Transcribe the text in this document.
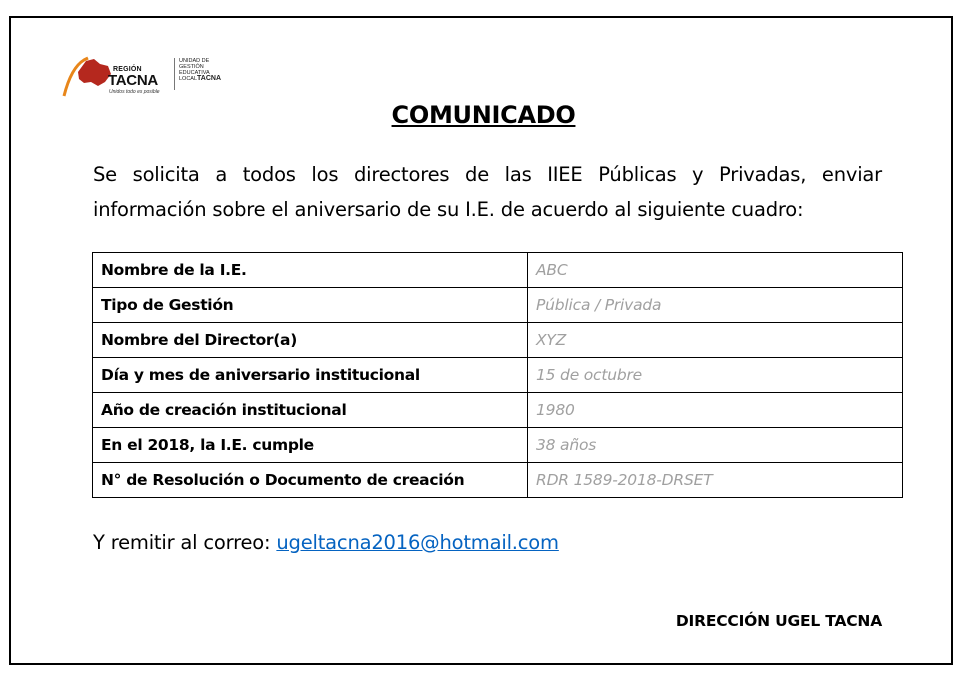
REGIÓN
TACNA
Unidos todo es posible
UNIDAD DE
GESTIÓN
EDUCATIVA
LOCALTACNA
COMUNICADO
Se solicita a todos los directores de las IIEE Públicas y Privadas, enviar información sobre el aniversario de su I.E. de acuerdo al siguiente cuadro:
Nombre de la I.E.	ABC
Tipo de Gestión	Pública / Privada
Nombre del Director(a)	XYZ
Día y mes de aniversario institucional	15 de octubre
Año de creación institucional	1980
En el 2018, la I.E. cumple	38 años
N° de Resolución o Documento de creación	RDR 1589-2018-DRSET
Y remitir al correo: ugeltacna2016@hotmail.com
DIRECCIÓN UGEL TACNA
